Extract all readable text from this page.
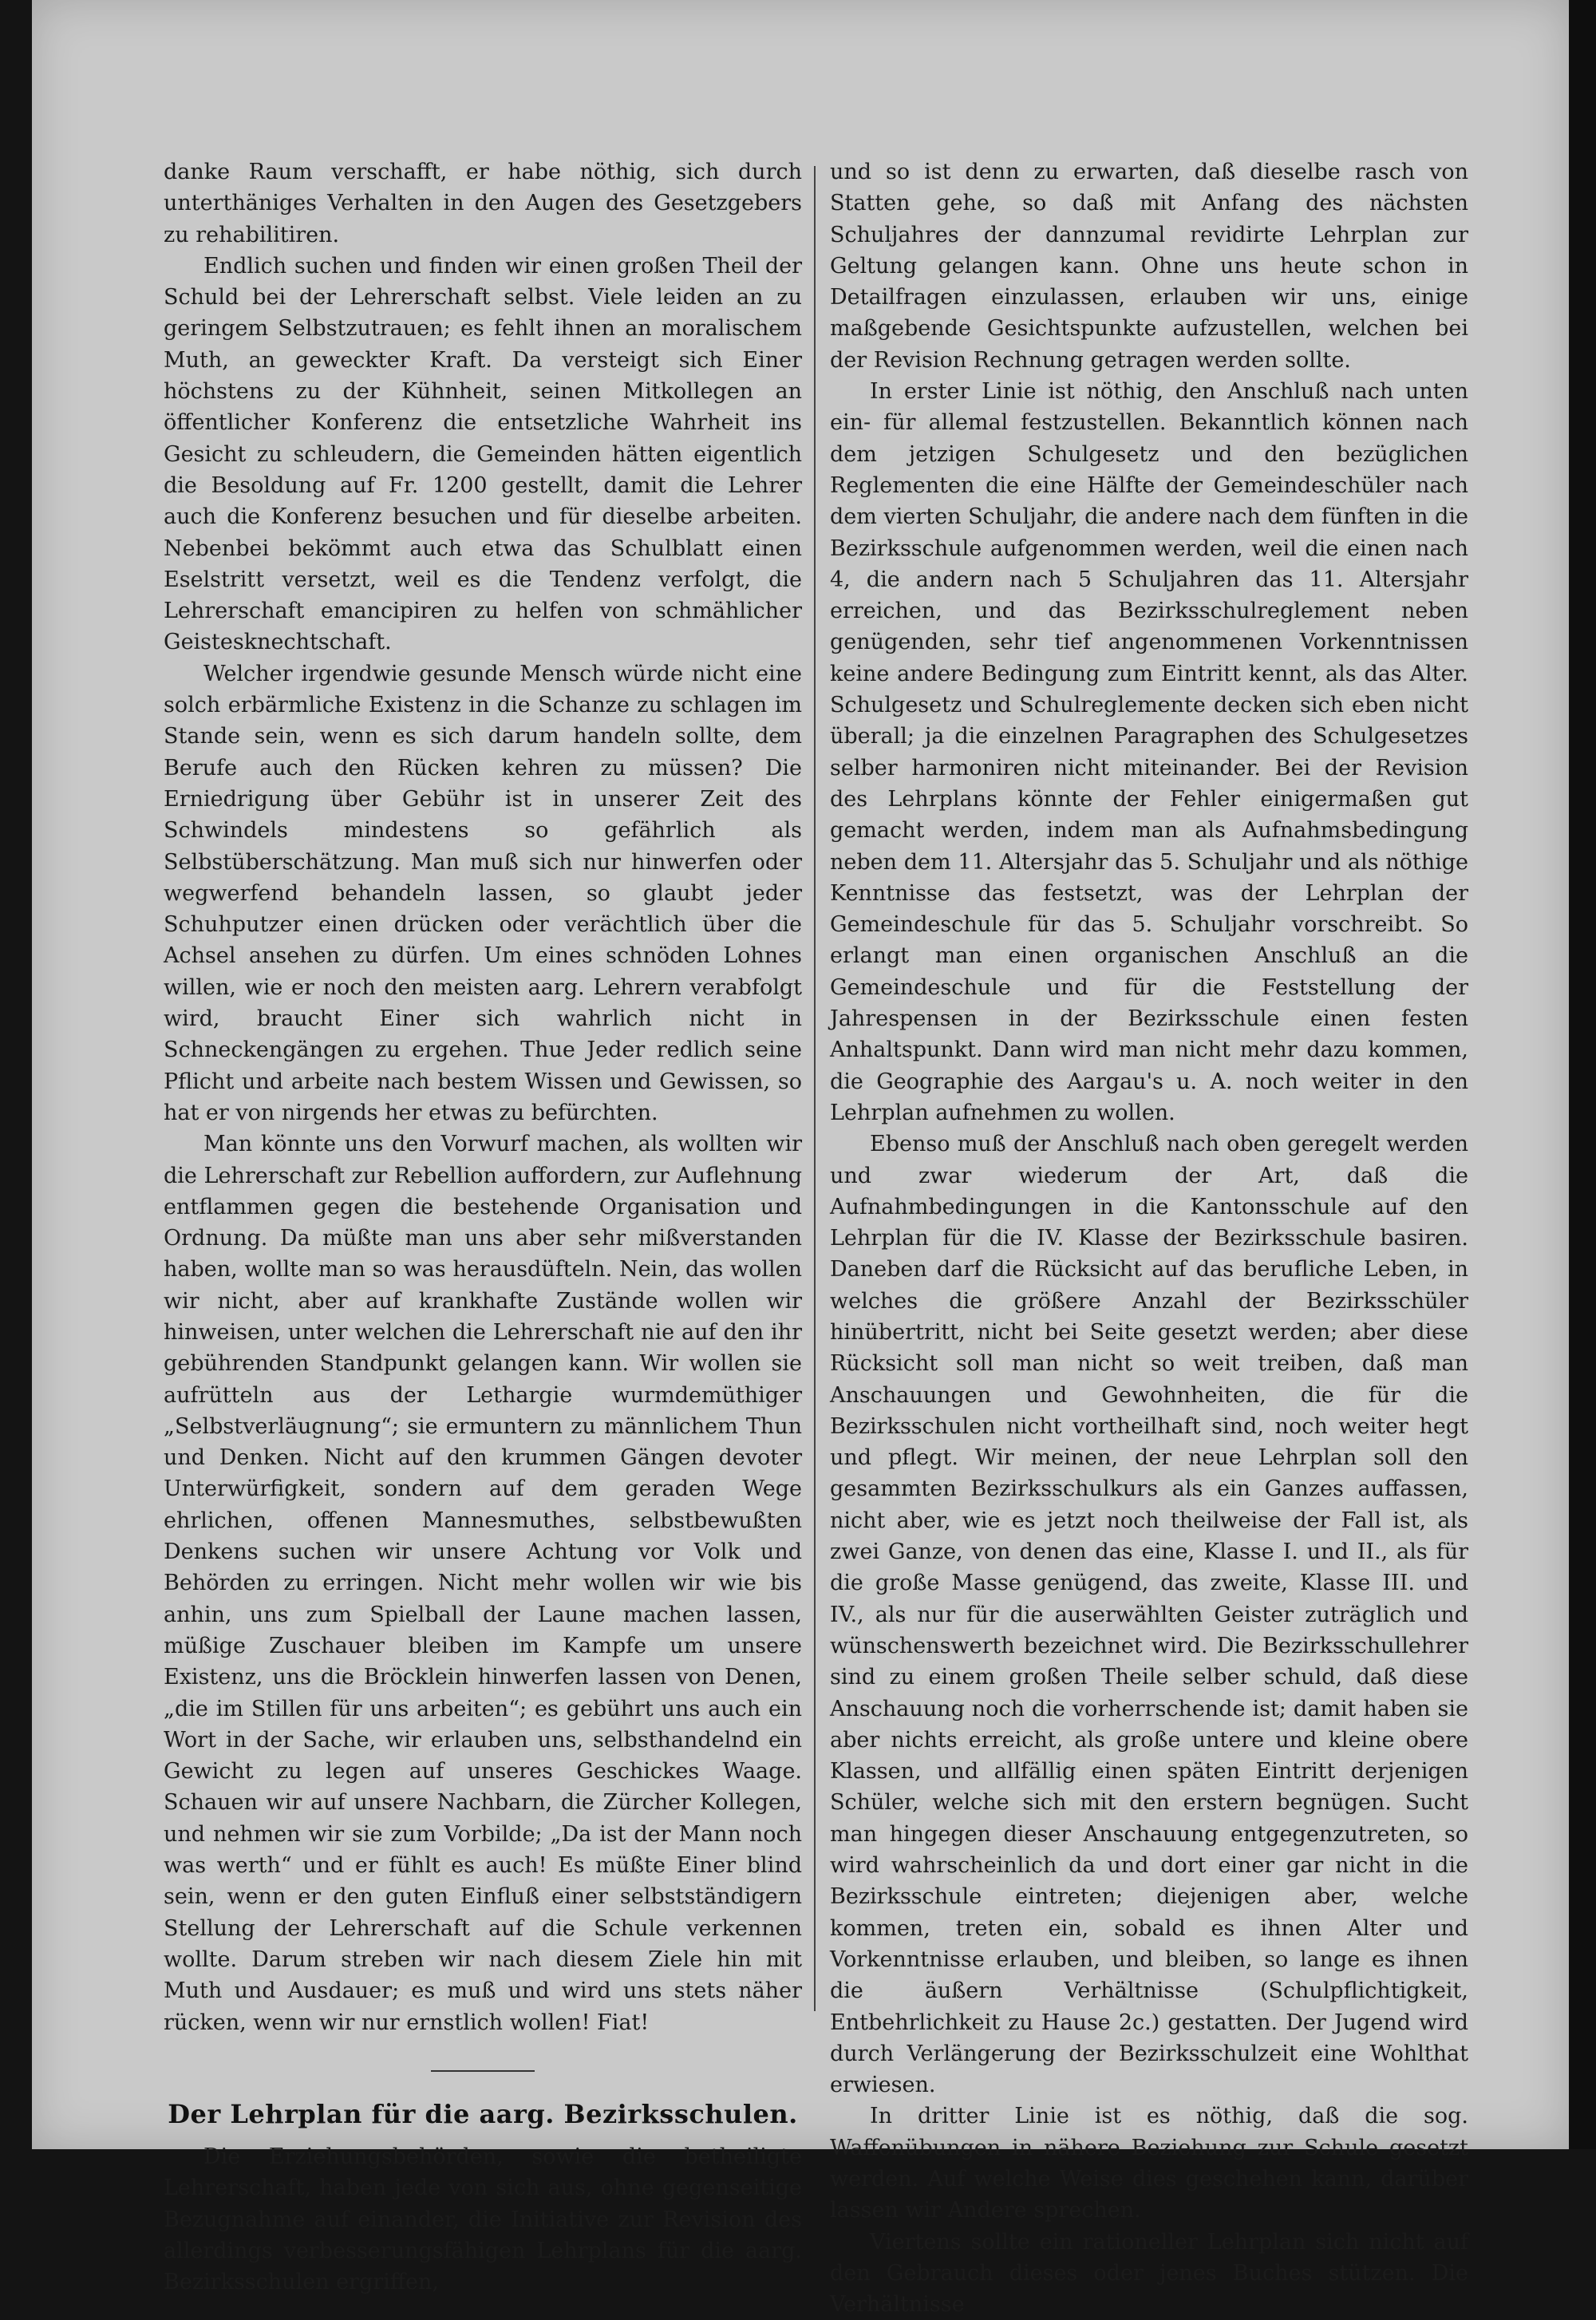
danke Raum verschafft, er habe nöthig, sich durch unterthäniges Verhalten in den Augen des Gesetzgebers zu rehabilitiren.

Endlich suchen und finden wir einen großen Theil der Schuld bei der Lehrerschaft selbst. Viele leiden an zu geringem Selbstzutrauen; es fehlt ihnen an moralischem Muth, an geweckter Kraft. Da versteigt sich Einer höchstens zu der Kühnheit, seinen Mitkollegen an öffentlicher Konferenz die entsetzliche Wahrheit ins Gesicht zu schleudern, die Gemeinden hätten eigentlich die Besoldung auf Fr. 1200 gestellt, damit die Lehrer auch die Konferenz besuchen und für dieselbe arbeiten. Nebenbei bekömmt auch etwa das Schulblatt einen Eselstritt versetzt, weil es die Tendenz verfolgt, die Lehrerschaft emancipiren zu helfen von schmählicher Geistesknechtschaft.

Welcher irgendwie gesunde Mensch würde nicht eine solch erbärmliche Existenz in die Schanze zu schlagen im Stande sein, wenn es sich darum handeln sollte, dem Berufe auch den Rücken kehren zu müssen? Die Erniedrigung über Gebühr ist in unserer Zeit des Schwindels mindestens so gefährlich als Selbstüberschätzung. Man muß sich nur hinwerfen oder wegwerfend behandeln lassen, so glaubt jeder Schuhputzer einen drücken oder verächtlich über die Achsel ansehen zu dürfen. Um eines schnöden Lohnes willen, wie er noch den meisten aarg. Lehrern verabfolgt wird, braucht Einer sich wahrlich nicht in Schneckengängen zu ergehen. Thue Jeder redlich seine Pflicht und arbeite nach bestem Wissen und Gewissen, so hat er von nirgends her etwas zu befürchten.

Man könnte uns den Vorwurf machen, als wollten wir die Lehrerschaft zur Rebellion auffordern, zur Auflehnung entflammen gegen die bestehende Organisation und Ordnung. Da müßte man uns aber sehr mißverstanden haben, wollte man so was herausdüfteln. Nein, das wollen wir nicht, aber auf krankhafte Zustände wollen wir hinweisen, unter welchen die Lehrerschaft nie auf den ihr gebührenden Standpunkt gelangen kann. Wir wollen sie aufrütteln aus der Lethargie wurmdemüthiger „Selbstverläugnung“; sie ermuntern zu männlichem Thun und Denken. Nicht auf den krummen Gängen devoter Unterwürfigkeit, sondern auf dem geraden Wege ehrlichen, offenen Mannesmuthes, selbstbewußten Denkens suchen wir unsere Achtung vor Volk und Behörden zu erringen. Nicht mehr wollen wir wie bis anhin, uns zum Spielball der Laune machen lassen, müßige Zuschauer bleiben im Kampfe um unsere Existenz, uns die Bröcklein hinwerfen lassen von Denen, „die im Stillen für uns arbeiten“; es gebührt uns auch ein Wort in der Sache, wir erlauben uns, selbsthandelnd ein Gewicht zu legen auf unseres Geschickes Waage. Schauen wir auf unsere Nachbarn, die Zürcher Kollegen, und nehmen wir sie zum Vorbilde; „Da ist der Mann noch was werth“ und er fühlt es auch! Es müßte Einer blind sein, wenn er den guten Einfluß einer selbstständigern Stellung der Lehrerschaft auf die Schule verkennen wollte. Darum streben wir nach diesem Ziele hin mit Muth und Ausdauer; es muß und wird uns stets näher rücken, wenn wir nur ernstlich wollen! Fiat!

Der Lehrplan für die aarg. Bezirksschulen.

Die Erziehungsbehörden, sowie die betheiligte Lehrerschaft, haben jede von sich aus, ohne gegenseitige Bezugnahme auf einander, die Initiative zur Revision des allerdings verbesserungsfähigen Lehrplans für die aarg. Bezirksschulen ergriffen,

und so ist denn zu erwarten, daß dieselbe rasch von Statten gehe, so daß mit Anfang des nächsten Schuljahres der dannzumal revidirte Lehrplan zur Geltung gelangen kann. Ohne uns heute schon in Detailfragen einzulassen, erlauben wir uns, einige maßgebende Gesichtspunkte aufzustellen, welchen bei der Revision Rechnung getragen werden sollte.

In erster Linie ist nöthig, den Anschluß nach unten ein- für allemal festzustellen. Bekanntlich können nach dem jetzigen Schulgesetz und den bezüglichen Reglementen die eine Hälfte der Gemeindeschüler nach dem vierten Schuljahr, die andere nach dem fünften in die Bezirksschule aufgenommen werden, weil die einen nach 4, die andern nach 5 Schuljahren das 11. Altersjahr erreichen, und das Bezirksschulreglement neben genügenden, sehr tief angenommenen Vorkenntnissen keine andere Bedingung zum Eintritt kennt, als das Alter. Schulgesetz und Schulreglemente decken sich eben nicht überall; ja die einzelnen Paragraphen des Schulgesetzes selber harmoniren nicht miteinander. Bei der Revision des Lehrplans könnte der Fehler einigermaßen gut gemacht werden, indem man als Aufnahmsbedingung neben dem 11. Altersjahr das 5. Schuljahr und als nöthige Kenntnisse das festsetzt, was der Lehrplan der Gemeindeschule für das 5. Schuljahr vorschreibt. So erlangt man einen organischen Anschluß an die Gemeindeschule und für die Feststellung der Jahrespensen in der Bezirksschule einen festen Anhaltspunkt. Dann wird man nicht mehr dazu kommen, die Geographie des Aargau's u. A. noch weiter in den Lehrplan aufnehmen zu wollen.

Ebenso muß der Anschluß nach oben geregelt werden und zwar wiederum der Art, daß die Aufnahmbedingungen in die Kantonsschule auf den Lehrplan für die IV. Klasse der Bezirksschule basiren. Daneben darf die Rücksicht auf das berufliche Leben, in welches die größere Anzahl der Bezirksschüler hinübertritt, nicht bei Seite gesetzt werden; aber diese Rücksicht soll man nicht so weit treiben, daß man Anschauungen und Gewohnheiten, die für die Bezirksschulen nicht vortheilhaft sind, noch weiter hegt und pflegt. Wir meinen, der neue Lehrplan soll den gesammten Bezirksschulkurs als ein Ganzes auffassen, nicht aber, wie es jetzt noch theilweise der Fall ist, als zwei Ganze, von denen das eine, Klasse I. und II., als für die große Masse genügend, das zweite, Klasse III. und IV., als nur für die auserwählten Geister zuträglich und wünschenswerth bezeichnet wird. Die Bezirksschullehrer sind zu einem großen Theile selber schuld, daß diese Anschauung noch die vorherrschende ist; damit haben sie aber nichts erreicht, als große untere und kleine obere Klassen, und allfällig einen späten Eintritt derjenigen Schüler, welche sich mit den erstern begnügen. Sucht man hingegen dieser Anschauung entgegenzutreten, so wird wahrscheinlich da und dort einer gar nicht in die Bezirksschule eintreten; diejenigen aber, welche kommen, treten ein, sobald es ihnen Alter und Vorkenntnisse erlauben, und bleiben, so lange es ihnen die äußern Verhältnisse (Schulpflichtigkeit, Entbehrlichkeit zu Hause 2c.) gestatten. Der Jugend wird durch Verlängerung der Bezirksschulzeit eine Wohlthat erwiesen.

In dritter Linie ist es nöthig, daß die sog. Waffenübungen in nähere Beziehung zur Schule gesetzt werden. Auf welche Weise dies geschehen kann, darüber lassen wir Andere sprechen.

Viertens sollte ein rationeller Lehrplan sich nicht auf den Gebrauch dieses oder jenes Buches stützen. Die Verhältnisse
